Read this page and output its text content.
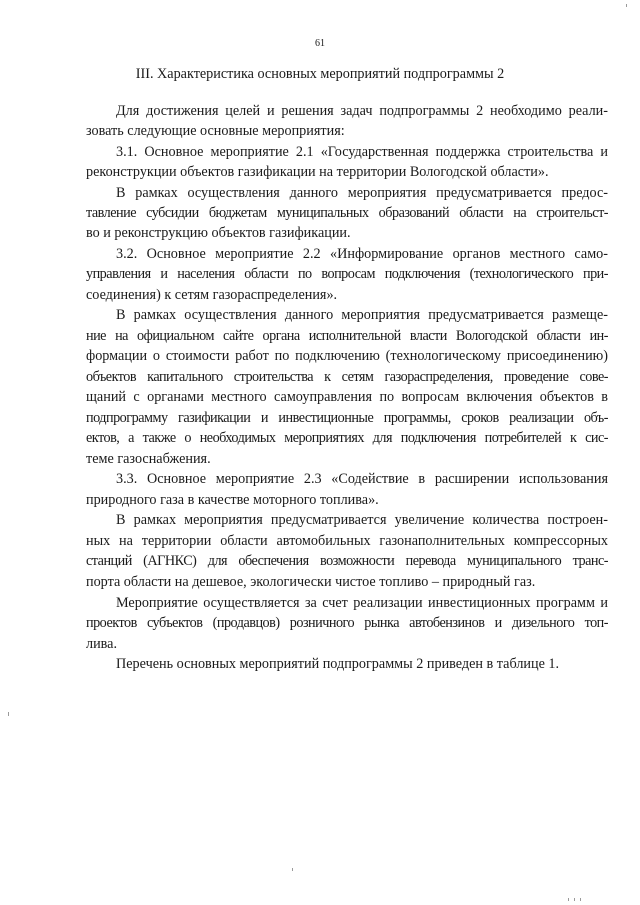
61
III. Характеристика основных мероприятий подпрограммы 2
Для достижения целей и решения задач подпрограммы 2 необходимо реали-
зовать следующие основные мероприятия:
3.1. Основное мероприятие 2.1 «Государственная поддержка строительства и
реконструкции объектов газификации на территории Вологодской области».
В рамках осуществления данного мероприятия предусматривается предос-
тавление субсидии бюджетам муниципальных образований области на строительст-
во и реконструкцию объектов газификации.
3.2. Основное мероприятие 2.2 «Информирование органов местного само-
управления и населения области по вопросам подключения (технологического при-
соединения) к сетям газораспределения».
В рамках осуществления данного мероприятия предусматривается размеще-
ние на официальном сайте органа исполнительной власти Вологодской области ин-
формации о стоимости работ по подключению (технологическому присоединению)
объектов капитального строительства к сетям газораспределения, проведение сове-
щаний с органами местного самоуправления по вопросам включения объектов в
подпрограмму газификации и инвестиционные программы, сроков реализации объ-
ектов, а также о необходимых мероприятиях для подключения потребителей к сис-
теме газоснабжения.
3.3. Основное мероприятие 2.3 «Содействие в расширении использования
природного газа в качестве моторного топлива».
В рамках мероприятия предусматривается увеличение количества построен-
ных на территории области автомобильных газонаполнительных компрессорных
станций (АГНКС) для обеспечения возможности перевода муниципального транс-
порта области на дешевое, экологически чистое топливо – природный газ.
Мероприятие осуществляется за счет реализации инвестиционных программ и
проектов субъектов (продавцов) розничного рынка автобензинов и дизельного топ-
лива.
Перечень основных мероприятий подпрограммы 2 приведен в таблице 1.
